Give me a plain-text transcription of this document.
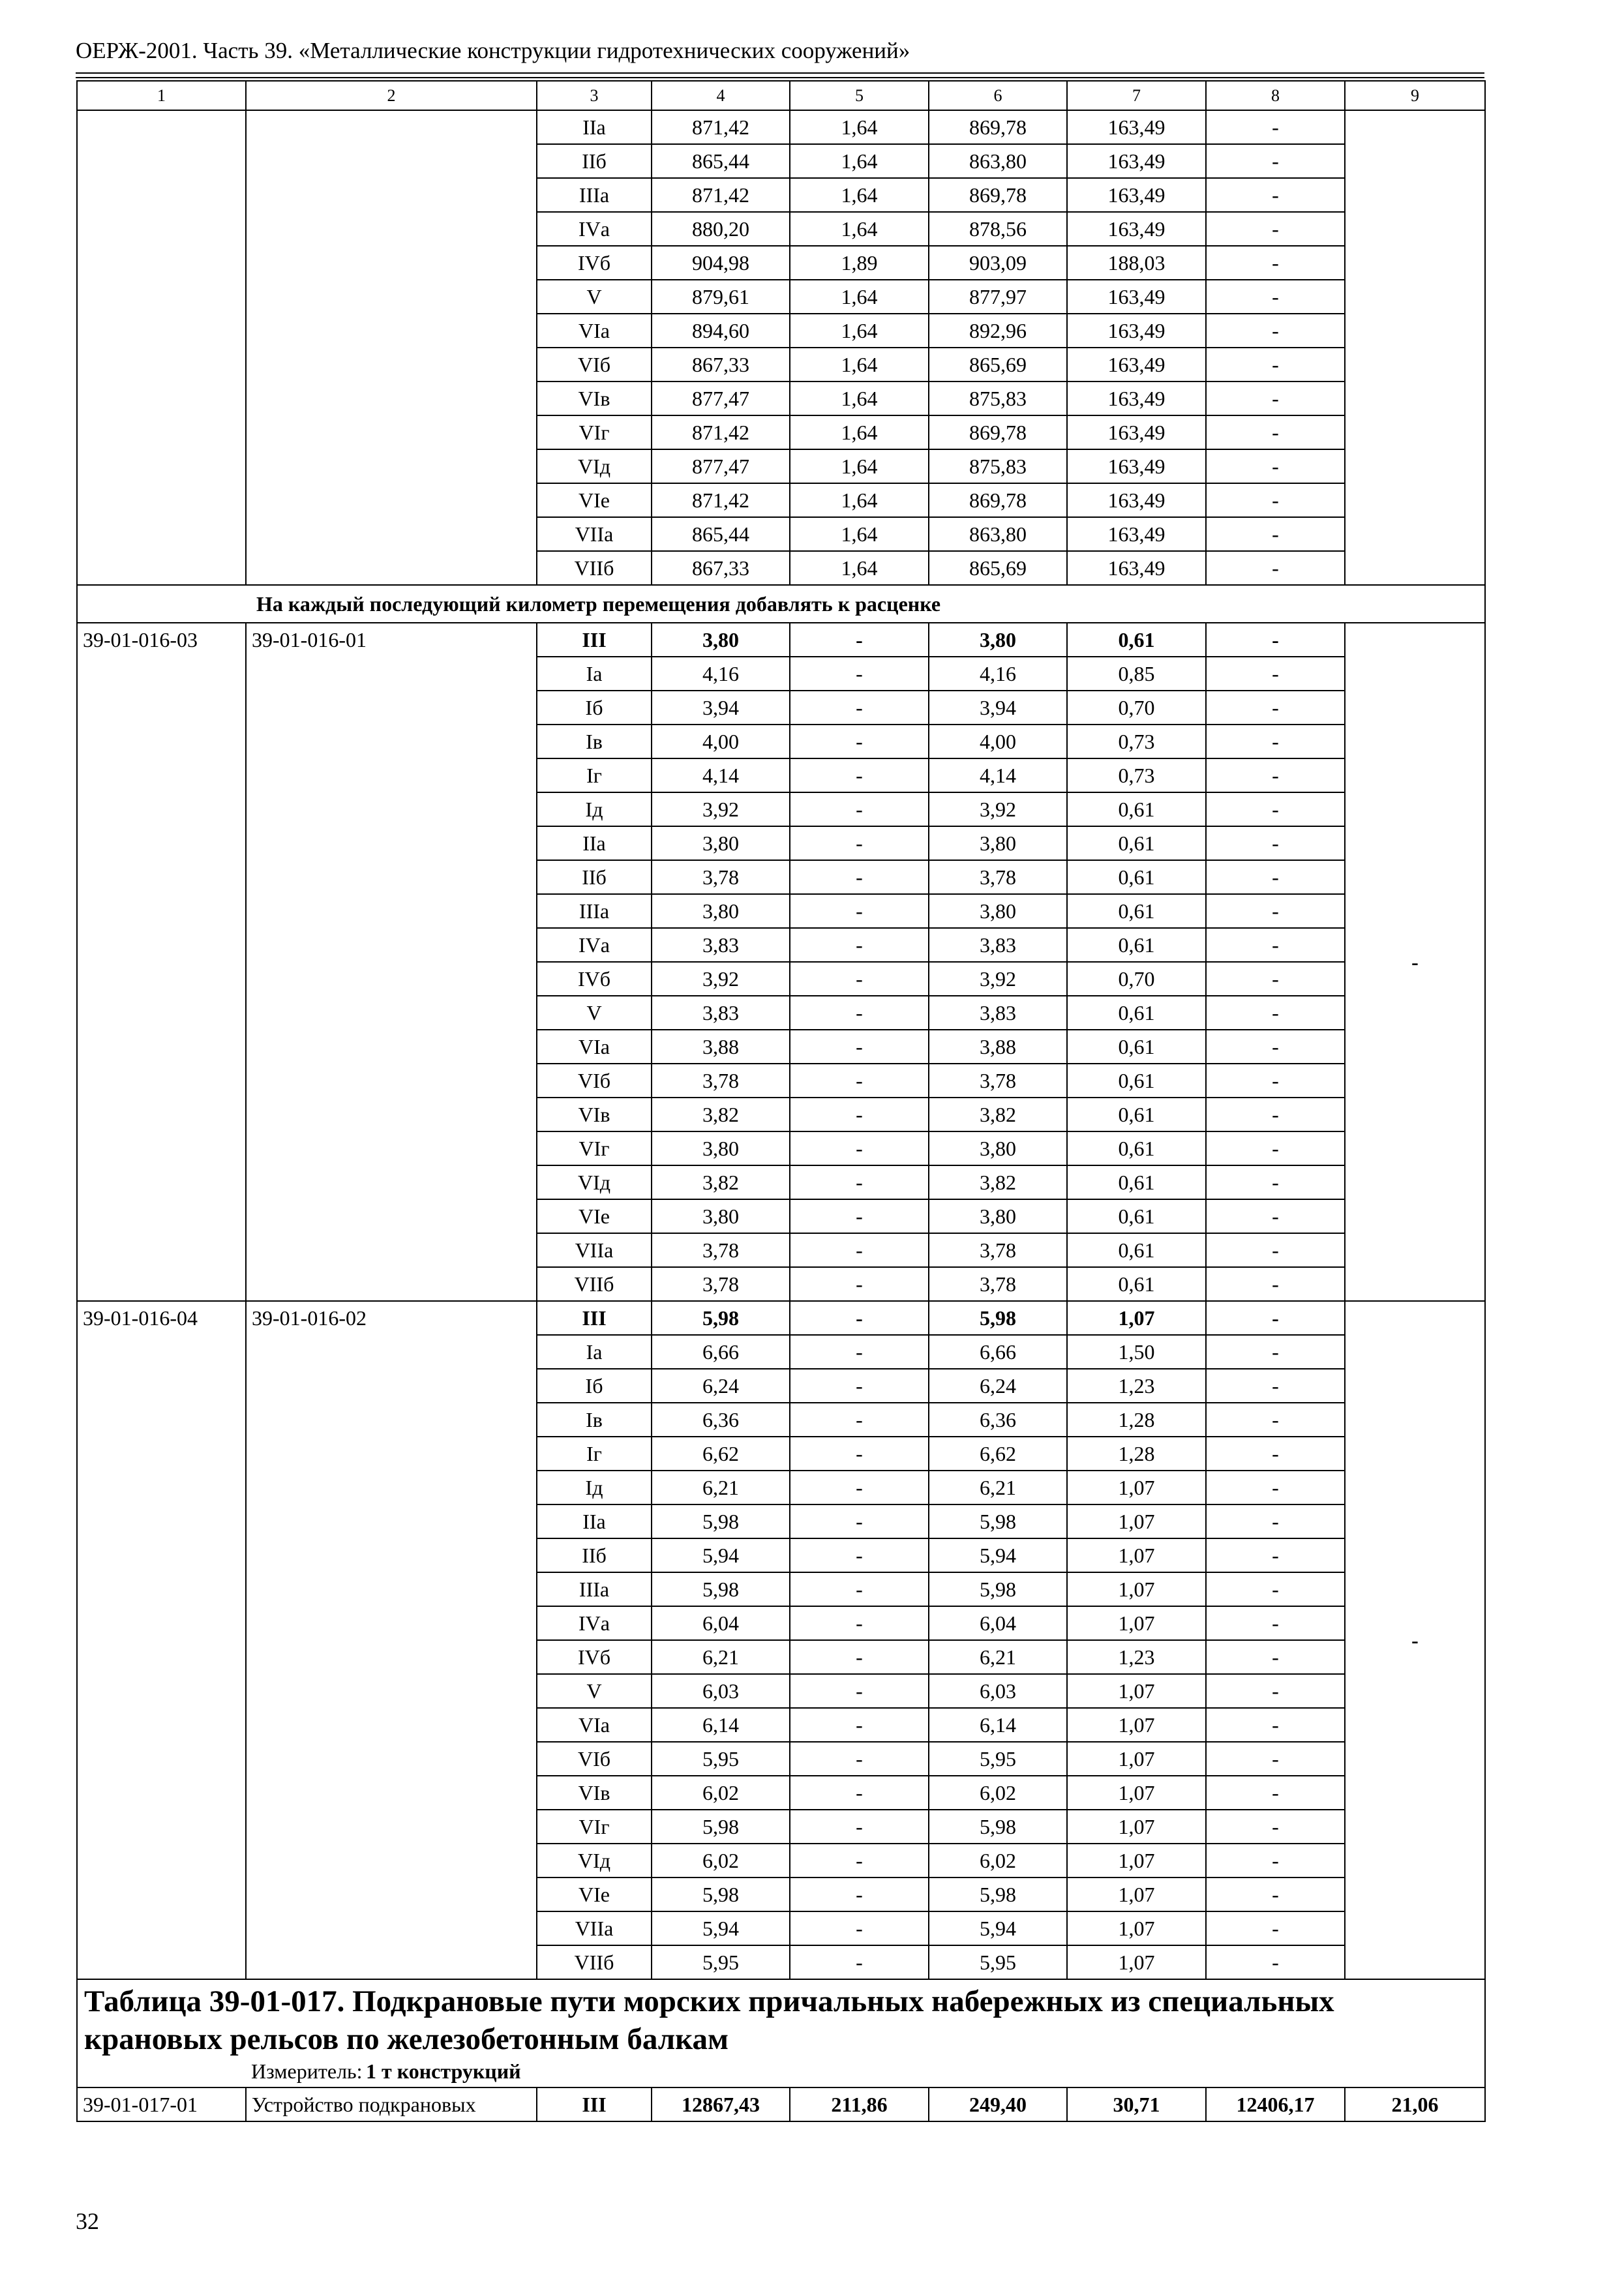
ОЕРЖ-2001. Часть 39. «Металлические конструкции гидротехнических сооружений»
1	2	3	4	5	6	7	8	9
		IIа	871,42	1,64	869,78	163,49	-	
		IIб	865,44	1,64	863,80	163,49	-	
		IIIа	871,42	1,64	869,78	163,49	-	
		IVа	880,20	1,64	878,56	163,49	-	
		IVб	904,98	1,89	903,09	188,03	-	
		V	879,61	1,64	877,97	163,49	-	
		VIа	894,60	1,64	892,96	163,49	-	
		VIб	867,33	1,64	865,69	163,49	-	
		VIв	877,47	1,64	875,83	163,49	-	
		VIг	871,42	1,64	869,78	163,49	-	
		VIд	877,47	1,64	875,83	163,49	-	
		VIе	871,42	1,64	869,78	163,49	-	
		VIIа	865,44	1,64	863,80	163,49	-	
		VIIб	867,33	1,64	865,69	163,49	-	
На каждый последующий километр перемещения добавлять к расценке								
39-01-016-03	39-01-016-01	III	3,80	-	3,80	0,61	-	-
		Iа	4,16	-	4,16	0,85	-	
		Iб	3,94	-	3,94	0,70	-	
		Iв	4,00	-	4,00	0,73	-	
		Iг	4,14	-	4,14	0,73	-	
		Iд	3,92	-	3,92	0,61	-	
		IIа	3,80	-	3,80	0,61	-	
		IIб	3,78	-	3,78	0,61	-	
		IIIа	3,80	-	3,80	0,61	-	
		IVа	3,83	-	3,83	0,61	-	
		IVб	3,92	-	3,92	0,70	-	
		V	3,83	-	3,83	0,61	-	
		VIа	3,88	-	3,88	0,61	-	
		VIб	3,78	-	3,78	0,61	-	
		VIв	3,82	-	3,82	0,61	-	
		VIг	3,80	-	3,80	0,61	-	
		VIд	3,82	-	3,82	0,61	-	
		VIе	3,80	-	3,80	0,61	-	
		VIIа	3,78	-	3,78	0,61	-	
		VIIб	3,78	-	3,78	0,61	-	
39-01-016-04	39-01-016-02	III	5,98	-	5,98	1,07	-	-
		Iа	6,66	-	6,66	1,50	-	
		Iб	6,24	-	6,24	1,23	-	
		Iв	6,36	-	6,36	1,28	-	
		Iг	6,62	-	6,62	1,28	-	
		Iд	6,21	-	6,21	1,07	-	
		IIа	5,98	-	5,98	1,07	-	
		IIб	5,94	-	5,94	1,07	-	
		IIIа	5,98	-	5,98	1,07	-	
		IVа	6,04	-	6,04	1,07	-	
		IVб	6,21	-	6,21	1,23	-	
		V	6,03	-	6,03	1,07	-	
		VIа	6,14	-	6,14	1,07	-	
		VIб	5,95	-	5,95	1,07	-	
		VIв	6,02	-	6,02	1,07	-	
		VIг	5,98	-	5,98	1,07	-	
		VIд	6,02	-	6,02	1,07	-	
		VIе	5,98	-	5,98	1,07	-	
		VIIа	5,94	-	5,94	1,07	-	
		VIIб	5,95	-	5,95	1,07	-	

Таблица 39-01-017. Подкрановые пути морских причальных набережных из специальных крановых рельсов по железобетонным балкам
Измеритель: 1 т конструкций								

39-01-017-01	Устройство подкрановых	III	12867,43	211,86	249,40	30,71	12406,17	21,06
32
